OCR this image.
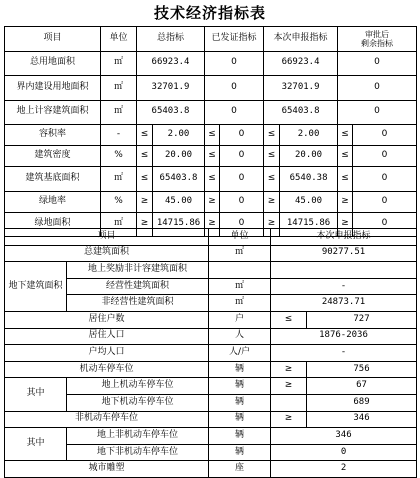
技术经济指标表
项目	单位	总指标		已发证指标		本次申报指标		审批后
剩余指标	
总用地面积	㎡	66923.4		0		66923.4		0	
界内建设用地面积	㎡	32701.9		0		32701.9		0	
地上计容建筑面积	㎡	65403.8		0		65403.8		0	
容积率	-	≤	2.00	≤	0	≤	2.00	≤	0
建筑密度	%	≤	20.00	≤	0	≤	20.00	≤	0
建筑基底面积	㎡	≤	65403.8	≤	0	≤	6540.38	≤	0
绿地率	%	≥	45.00	≥	0	≥	45.00	≥	0
绿地面积	㎡	≥	14715.86	≥	0	≥	14715.86	≥	0
项目		单位	本次申报指标	
总建筑面积		㎡	90277.51	
地下建筑面积	地上奖励非计容建筑面积			
	经营性建筑面积	㎡	-	
	非经营性建筑面积	㎡	24873.71	
居住户数		户	≤	727
居住人口		人	1876-2036	
户均人口		人/户	-	
机动车停车位		辆	≥	756
其中	地上机动车停车位	辆	≥	67
	地下机动车停车位	辆		689
非机动车停车位		辆	≥	346
其中	地上非机动车停车位	辆	346	
	地下非机动车停车位	辆	0	
城市雕塑		座	2	
